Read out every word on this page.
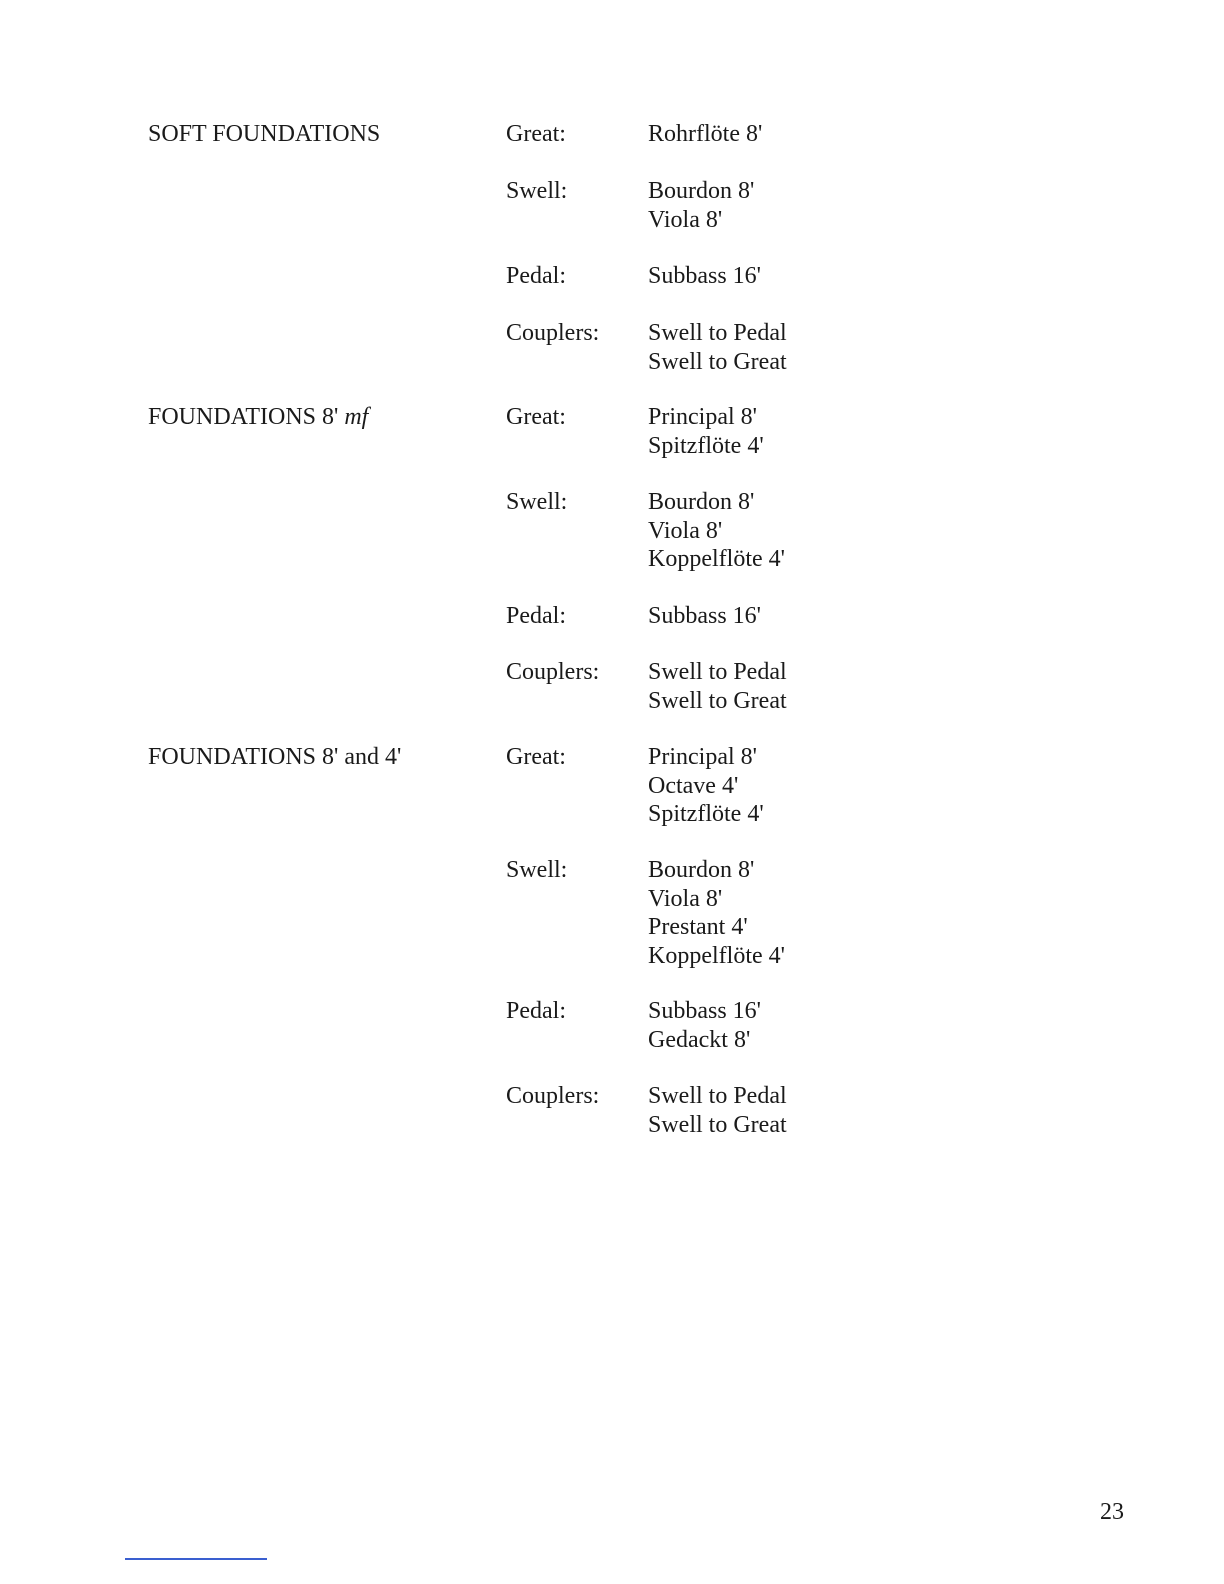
SOFT FOUNDATIONS	Great:	Rohrflöte 8'
Swell:	Bourdon 8'
Viola 8'
Pedal:	Subbass 16'
Couplers: Swell to Pedal
Swell to Great
FOUNDATIONS 8' mf	Great:	Principal 8'
Spitzflöte 4'
Swell:	Bourdon 8'
Viola 8'
Koppelflöte 4'
Pedal:	Subbass 16'
Couplers: Swell to Pedal
Swell to Great
FOUNDATIONS 8' and 4'	Great:	Principal 8'
Octave 4'
Spitzflöte 4'
Swell:	Bourdon 8'
Viola 8'
Prestant 4'
Koppelflöte 4'
Pedal:	Subbass 16'
Gedackt 8'
Couplers: Swell to Pedal
Swell to Great
23
